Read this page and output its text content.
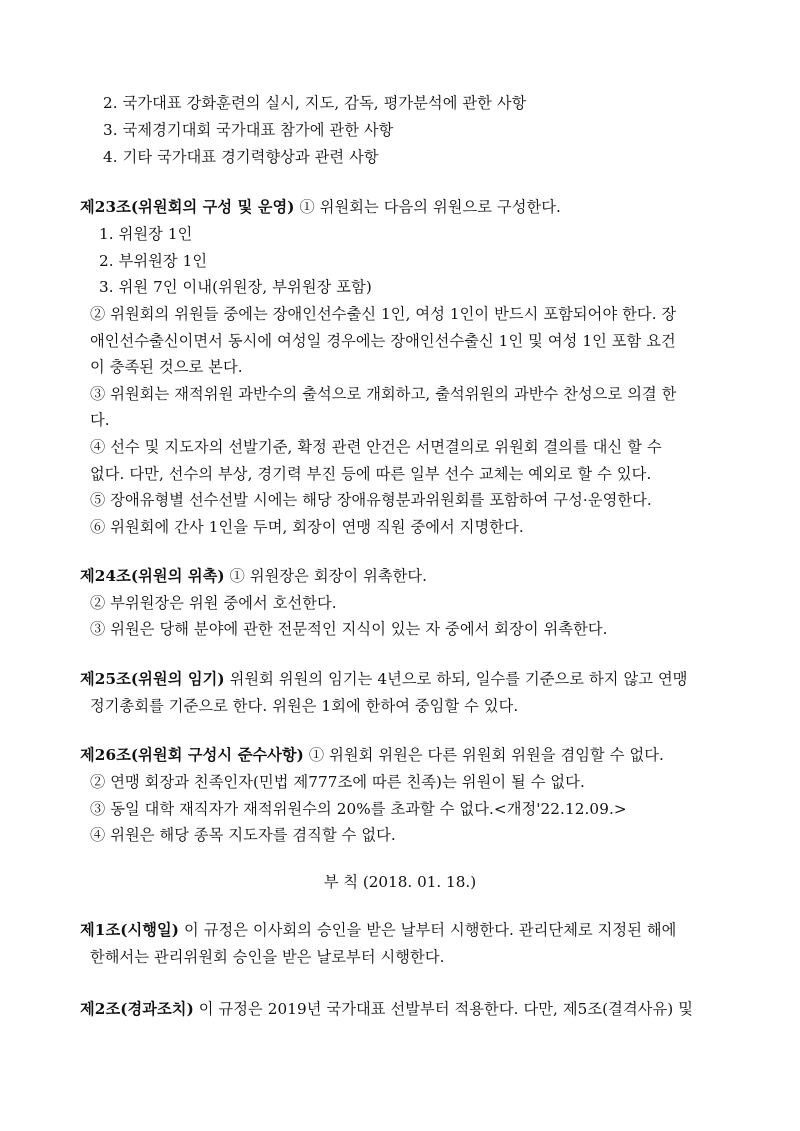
2. 국가대표 강화훈련의 실시, 지도, 감독, 평가분석에 관한 사항
3. 국제경기대회 국가대표 참가에 관한 사항
4. 기타 국가대표 경기력향상과 관련 사항
제23조(위원회의 구성 및 운영) ① 위원회는 다음의 위원으로 구성한다.
1. 위원장 1인
2. 부위원장 1인
3. 위원 7인 이내(위원장, 부위원장 포함)
② 위원회의 위원들 중에는 장애인선수출신 1인, 여성 1인이 반드시 포함되어야 한다. 장
애인선수출신이면서 동시에 여성일 경우에는 장애인선수출신 1인 및 여성 1인 포함 요건
이 충족된 것으로 본다.
③ 위원회는 재적위원 과반수의 출석으로 개회하고, 출석위원의 과반수 찬성으로 의결 한
다.
④ 선수 및 지도자의 선발기준, 확정 관련 안건은 서면결의로 위원회 결의를 대신 할 수
없다. 다만, 선수의 부상, 경기력 부진 등에 따른 일부 선수 교체는 예외로 할 수 있다.
⑤ 장애유형별 선수선발 시에는 해당 장애유형분과위원회를 포함하여 구성·운영한다.
⑥ 위원회에 간사 1인을 두며, 회장이 연맹 직원 중에서 지명한다.
제24조(위원의 위촉) ① 위원장은 회장이 위촉한다.
② 부위원장은 위원 중에서 호선한다.
③ 위원은 당해 분야에 관한 전문적인 지식이 있는 자 중에서 회장이 위촉한다.
제25조(위원의 임기) 위원회 위원의 임기는 4년으로 하되, 일수를 기준으로 하지 않고 연맹
정기총회를 기준으로 한다. 위원은 1회에 한하여 중임할 수 있다.
제26조(위원회 구성시 준수사항) ① 위원회 위원은 다른 위원회 위원을 겸임할 수 없다.
② 연맹 회장과 친족인자(민법 제777조에 따른 친족)는 위원이 될 수 없다.
③ 동일 대학 재직자가 재적위원수의 20%를 초과할 수 없다.<개정'22.12.09.>
④ 위원은 해당 종목 지도자를 겸직할 수 없다.
부 칙 (2018. 01. 18.)
제1조(시행일) 이 규정은 이사회의 승인을 받은 날부터 시행한다. 관리단체로 지정된 해에
한해서는 관리위원회 승인을 받은 날로부터 시행한다.
제2조(경과조치) 이 규정은 2019년 국가대표 선발부터 적용한다. 다만, 제5조(결격사유) 및
